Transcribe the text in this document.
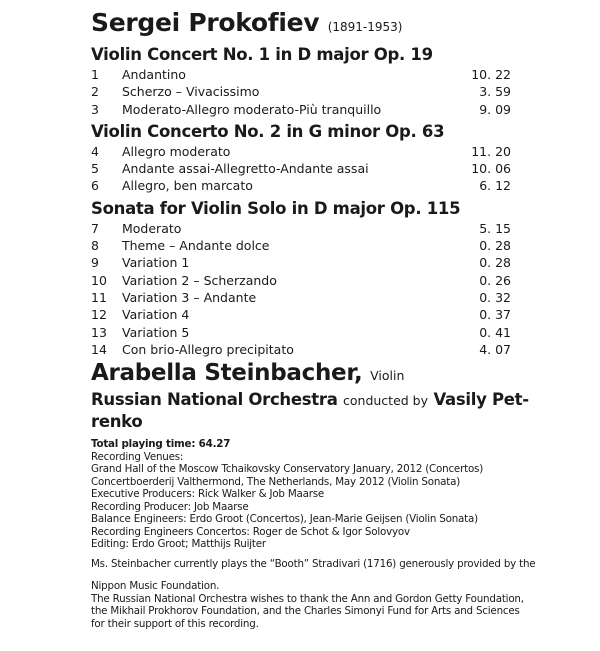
Sergei Prokofiev (1891-1953)
Violin Concert No. 1 in D major Op. 19
1	Andantino	10. 22
2	Scherzo – Vivacissimo	3. 59
3	Moderato-Allegro moderato-Più tranquillo	9. 09
Violin Concerto No. 2 in G minor Op. 63
4	Allegro moderato	11. 20
5	Andante assai-Allegretto-Andante assai	10. 06
6	Allegro, ben marcato	6. 12
Sonata for Violin Solo in D major Op. 115
7	Moderato	5. 15
8	Theme – Andante dolce	0. 28
9	Variation 1	0. 28
10	Variation 2 – Scherzando	0. 26
11	Variation 3 – Andante	0. 32
12	Variation 4	0. 37
13	Variation 5	0. 41
14	Con brio-Allegro precipitato	4. 07
Arabella Steinbacher, Violin
Russian National Orchestra conducted by Vasily Pet-
renko
Total playing time: 64.27
Recording Venues:
Grand Hall of the Moscow Tchaikovsky Conservatory January, 2012 (Concertos)
Concertboerderij Valthermond, The Netherlands, May 2012 (Violin Sonata)
Executive Producers: Rick Walker & Job Maarse
Recording Producer: Job Maarse
Balance Engineers: Erdo Groot (Concertos), Jean-Marie Geijsen (Violin Sonata)
Recording Engineers Concertos: Roger de Schot & Igor Solovyov
Editing: Erdo Groot; Matthijs Ruijter
Ms. Steinbacher currently plays the “Booth” Stradivari (1716) generously provided by the
Nippon Music Foundation.
The Russian National Orchestra wishes to thank the Ann and Gordon Getty Foundation,
the Mikhail Prokhorov Foundation, and the Charles Simonyi Fund for Arts and Sciences
for their support of this recording.
